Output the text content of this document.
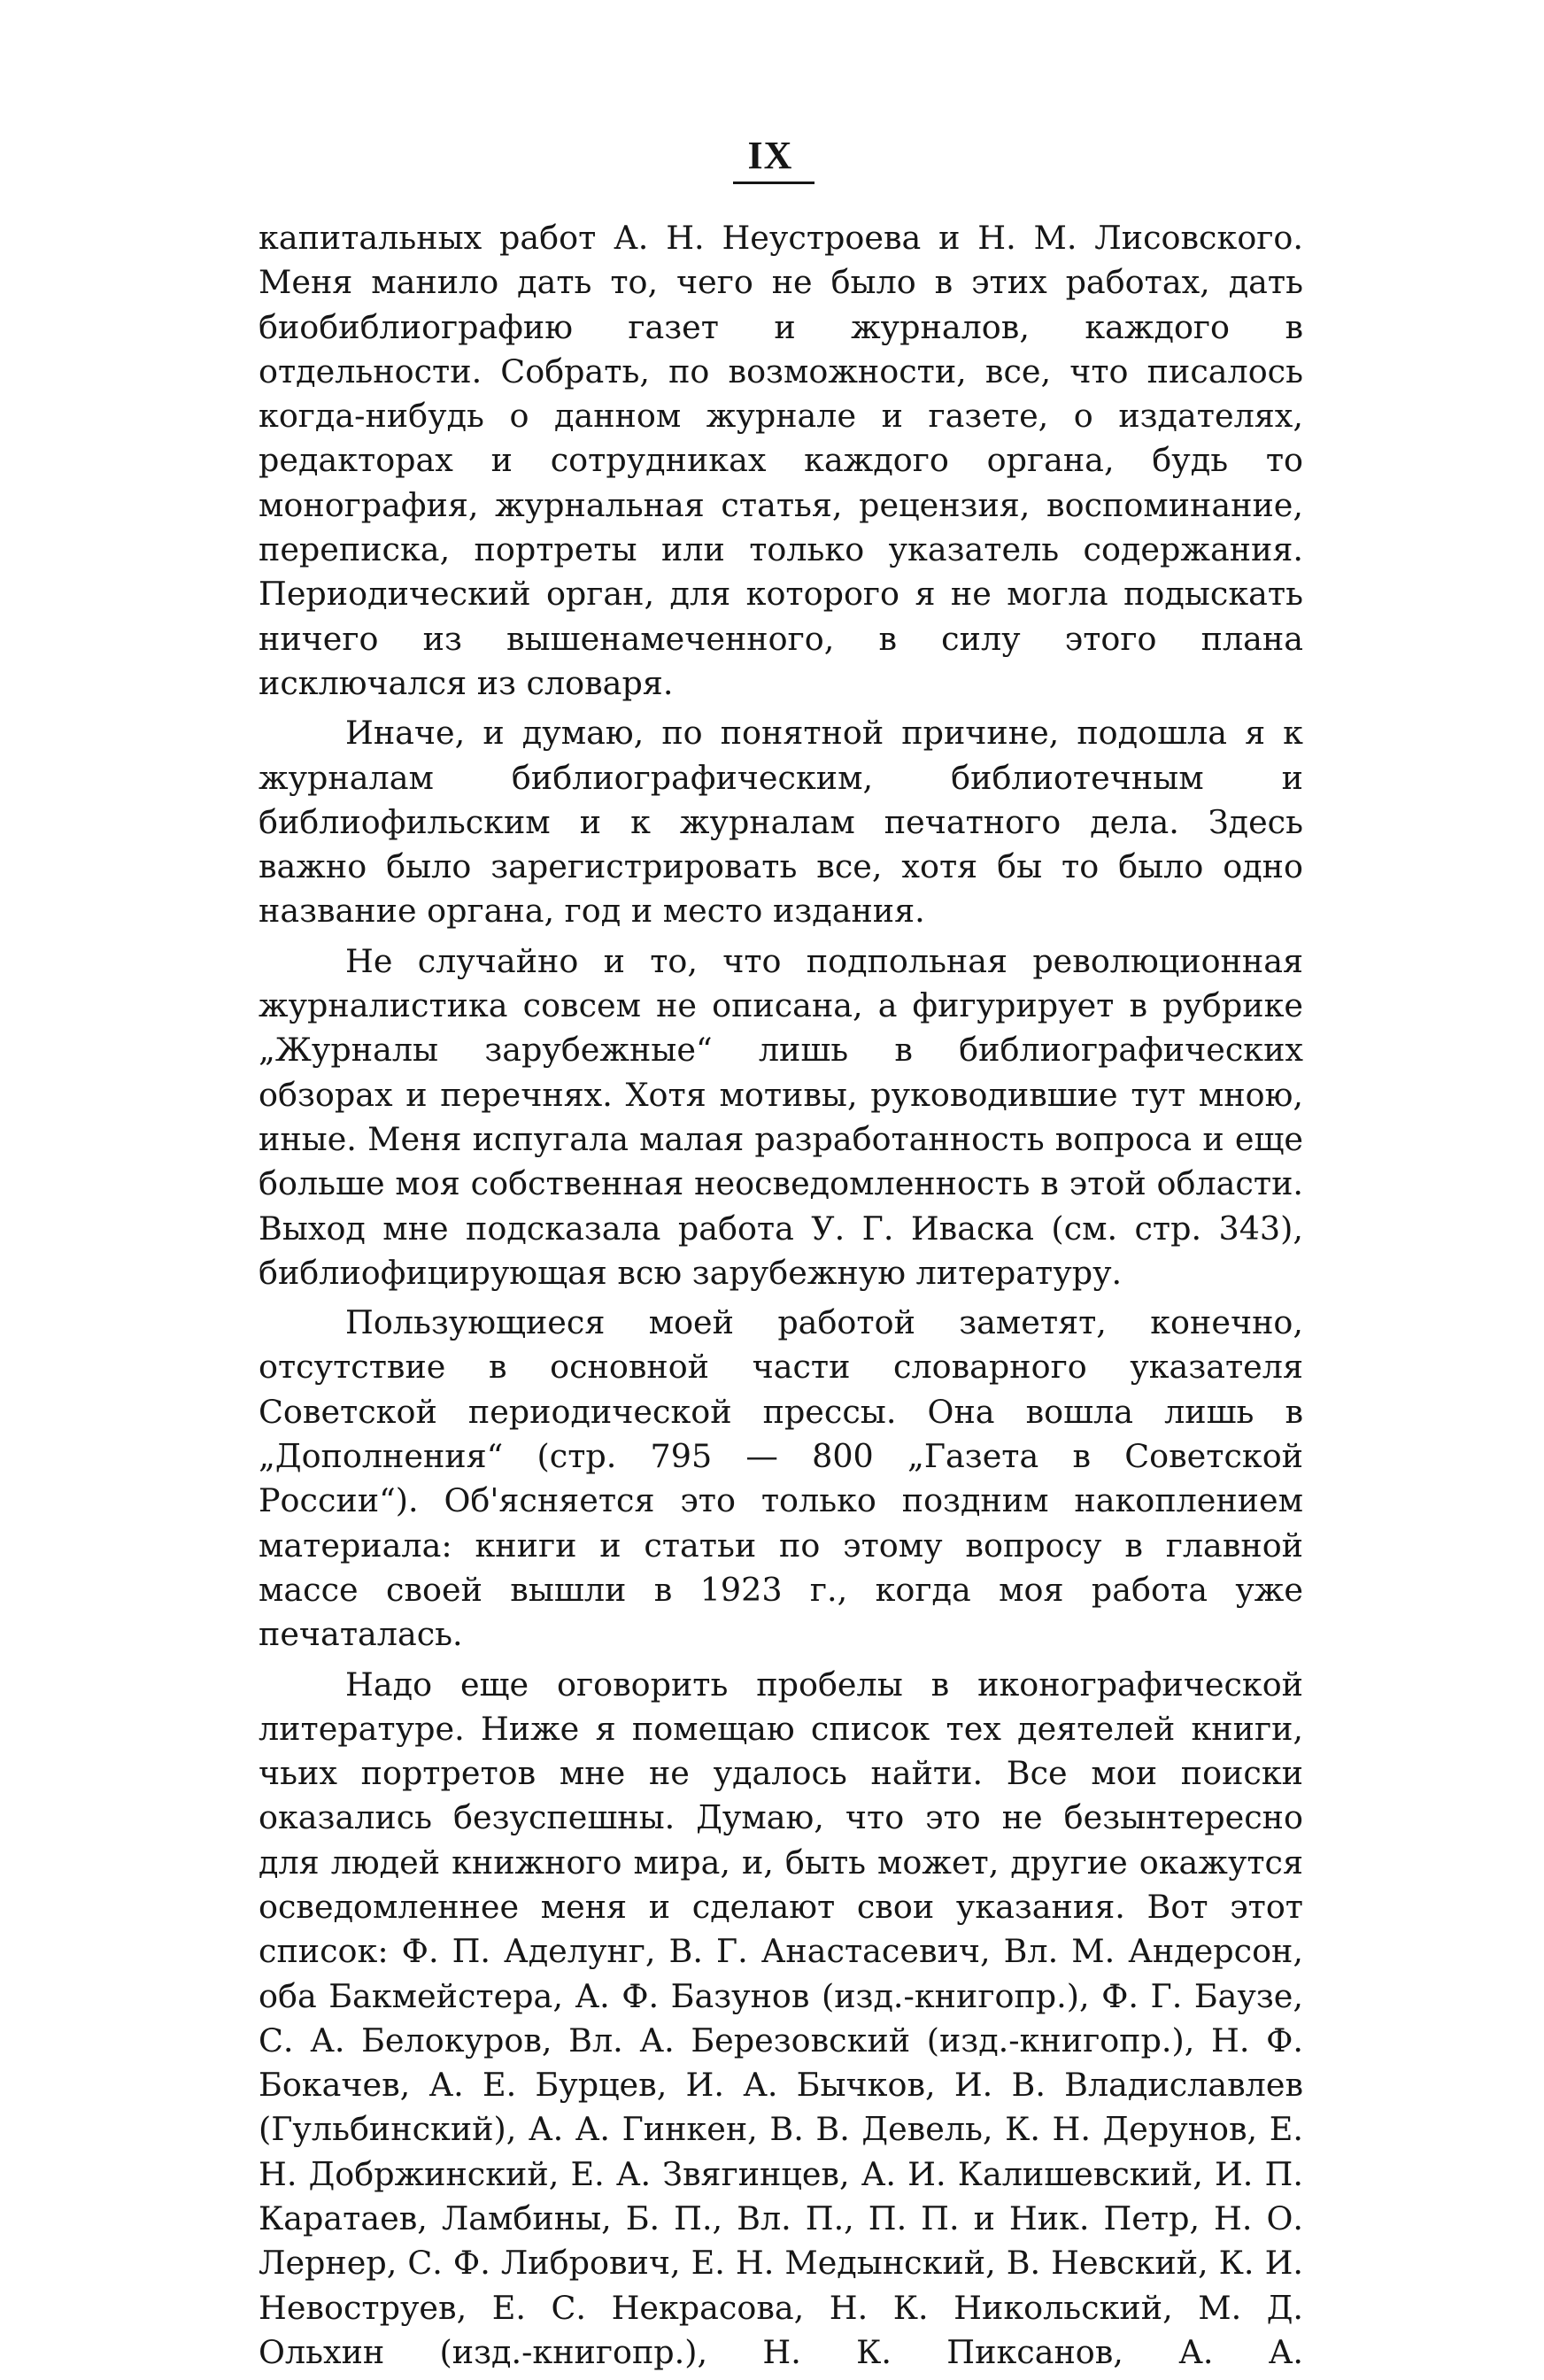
IX

капитальных работ А. Н. Неустроева и Н. М. Лисовского. Меня манило дать то, чего не было в этих работах, дать биобиблиографию газет и журналов, каждого в отдельности. Собрать, по возможности, все, что писалось когда-нибудь о данном журнале и газете, о издателях, редакторах и сотрудниках каждого органа, будь то монография, журнальная статья, рецензия, воспоминание, переписка, портреты или только указатель содержания. Периодический орган, для которого я не могла подыскать ничего из вышенамеченного, в силу этого плана исключался из словаря.

Иначе, и думаю, по понятной причине, подошла я к журналам библиографическим, библиотечным и библиофильским и к журналам печатного дела. Здесь важно было зарегистрировать все, хотя бы то было одно название органа, год и место издания.

Не случайно и то, что подпольная революционная журналистика совсем не описана, а фигурирует в рубрике „Журналы зарубежные“ лишь в библиографических обзорах и перечнях. Хотя мотивы, руководившие тут мною, иные. Меня испугала малая разработанность вопроса и еще больше моя собственная неосведомленность в этой области. Выход мне подсказала работа У. Г. Иваска (см. стр. 343), библиофицирующая всю зарубежную литературу.

Пользующиеся моей работой заметят, конечно, отсутствие в основной части словарного указателя Советской периодической прессы. Она вошла лишь в „Дополнения“ (стр. 795 — 800 „Газета в Советской России“). Об'ясняется это только поздним накоплением материала: книги и статьи по этому вопросу в главной массе своей вышли в 1923 г., когда моя работа уже печаталась.

Надо еще оговорить пробелы в иконографической литературе. Ниже я помещаю список тех деятелей книги, чьих портретов мне не удалось найти. Все мои поиски оказались безуспешны. Думаю, что это не безынтересно для людей книжного мира, и, быть может, другие окажутся осведомленнее меня и сделают свои указания. Вот этот список: Ф. П. Аделунг, В. Г. Анастасевич, Вл. М. Андерсон, оба Бакмейстера, А. Ф. Базунов (изд.-книгопр.), Ф. Г. Баузе, С. А. Белокуров, Вл. А. Березовский (изд.-книгопр.), Н. Ф. Бокачев, А. Е. Бурцев, И. А. Бычков, И. В. Владиславлев (Гульбинский), А. А. Гинкен, В. В. Девель, К. Н. Дерунов, Е. Н. Добржинский, Е. А. Звягинцев, А. И. Калишевский, И. П. Каратаев, Ламбины, Б. П., Вл. П., П. П. и Ник. Петр, Н. О. Лернер, С. Ф. Либрович, Е. Н. Медынский, В. Невский, К. И. Невоструев, Е. С. Некрасова, Н. К. Никольский, М. Д. Ольхин (изд.-книгопр.), Н. К. Пиксанов, А. А.
